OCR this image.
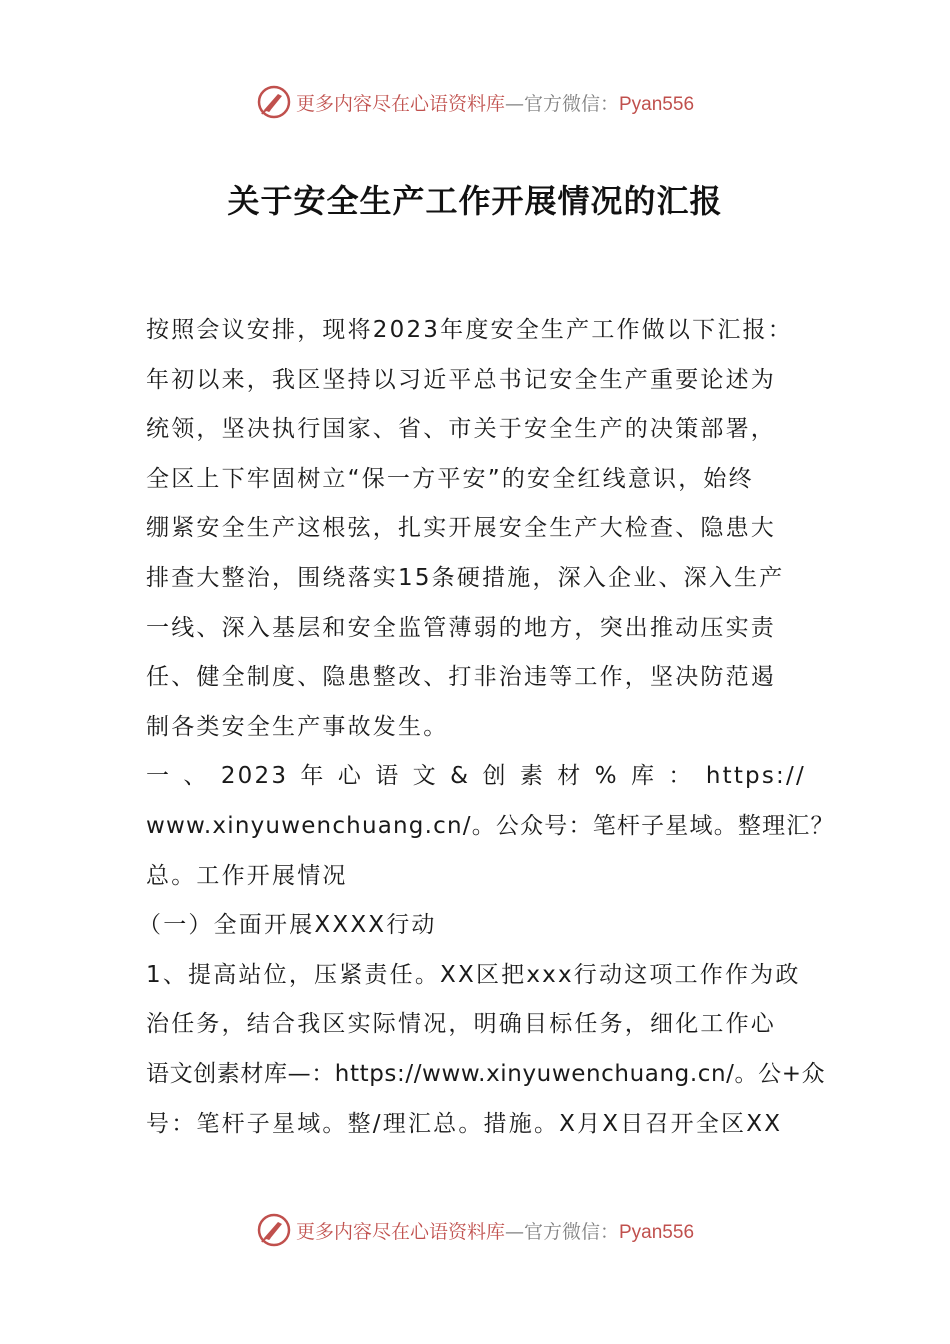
更多内容尽在心语资料库—官方微信：Pyan556
关于安全生产工作开展情况的汇报
按照会议安排，现将2023年度安全生产工作做以下汇报：
年初以来，我区坚持以习近平总书记安全生产重要论述为
统领，坚决执行国家、省、市关于安全生产的决策部署，
全区上下牢固树立“保一方平安”的安全红线意识，始终
绷紧安全生产这根弦，扎实开展安全生产大检查、隐患大
排查大整治，围绕落实15条硬措施，深入企业、深入生产
一线、深入基层和安全监管薄弱的地方，突出推动压实责
任、健全制度、隐患整改、打非治违等工作，坚决防范遏
制各类安全生产事故发生。
一 、 2023 年 心 语 文 & 创 素 材 % 库 ： https://
www.xinyuwenchuang.cn/。公众号：笔杆子星域。整理汇？
总。工作开展情况
（一）全面开展XXXX行动
1、提高站位，压紧责任。XX区把xxx行动这项工作作为政
治任务，结合我区实际情况，明确目标任务，细化工作心
语文创素材库—：https://www.xinyuwenchuang.cn/。公+众
号：笔杆子星域。整/理汇总。措施。X月X日召开全区XX
更多内容尽在心语资料库—官方微信：Pyan556
